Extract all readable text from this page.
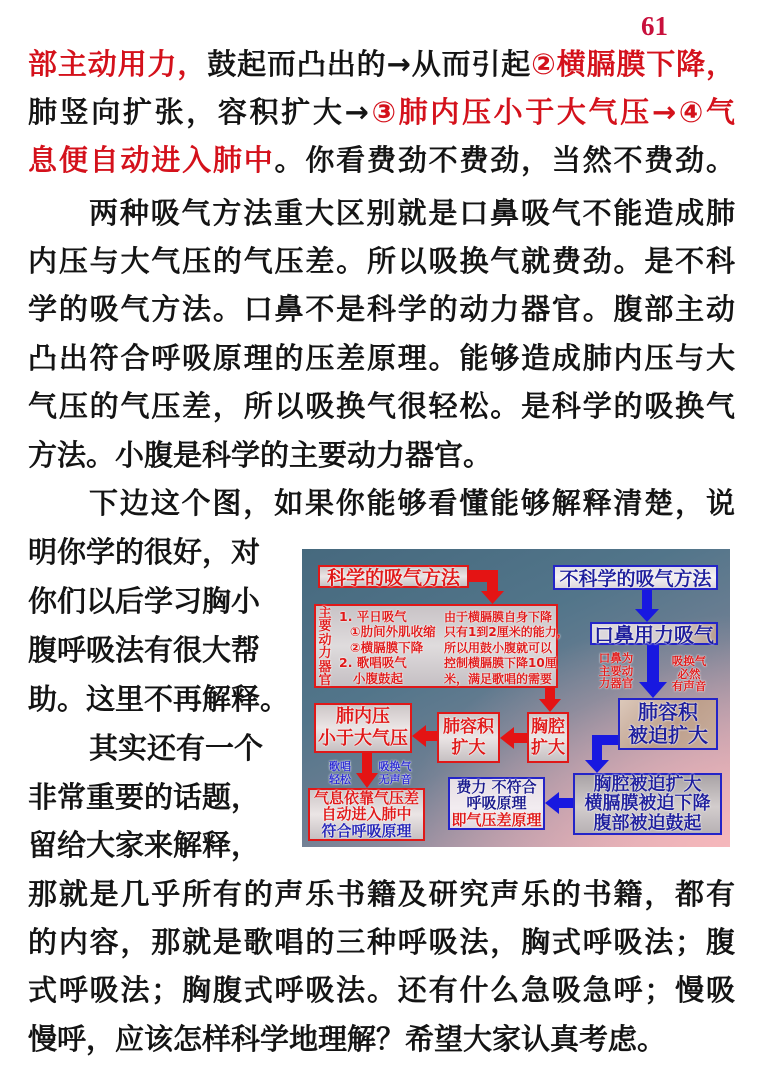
61
部主动用力，鼓起而凸出的→从而引起②横膈膜下降，
肺竖向扩张，容积扩大→③肺内压小于大气压→④气
息便自动进入肺中。你看费劲不费劲，当然不费劲。
两种吸气方法重大区别就是口鼻吸气不能造成肺
内压与大气压的气压差。所以吸换气就费劲。是不科
学的吸气方法。口鼻不是科学的动力器官。腹部主动
凸出符合呼吸原理的压差原理。能够造成肺内压与大
气压的气压差，所以吸换气很轻松。是科学的吸换气
方法。小腹是科学的主要动力器官。
下边这个图，如果你能够看懂能够解释清楚，说
明你学的很好，对
你们以后学习胸小
腹呼吸法有很大帮
助。这里不再解释。
其实还有一个
非常重要的话题，
留给大家来解释，
那就是几乎所有的声乐书籍及研究声乐的书籍，都有
的内容，那就是歌唱的三种呼吸法，胸式呼吸法；腹
式呼吸法；胸腹式呼吸法。还有什么急吸急呼；慢吸
慢呼，应该怎样科学地理解？希望大家认真考虑。
科学的吸气方法
主
要
动
力
器
官
1. 平日吸气
①肋间外肌收缩
②横膈膜下降
2. 歌唱吸气
小腹鼓起
由于横膈膜自身下降
只有1到2厘米的能力，
所以用鼓小腹就可以
控制横膈膜下降10厘
米，满足歌唱的需要
胸腔
扩大
肺容积
扩大
肺内压
小于大气压
歌唱
轻松
吸换气
无声音
气息依靠气压差
自动进入肺中
符合呼吸原理
不科学的吸气方法
口鼻用力吸气
口鼻为
主要动
力器官
吸换气
必然
有声音
肺容积
被迫扩大
胸腔被迫扩大
横膈膜被迫下降
腹部被迫鼓起
费力 不符合
呼吸原理
即气压差原理
